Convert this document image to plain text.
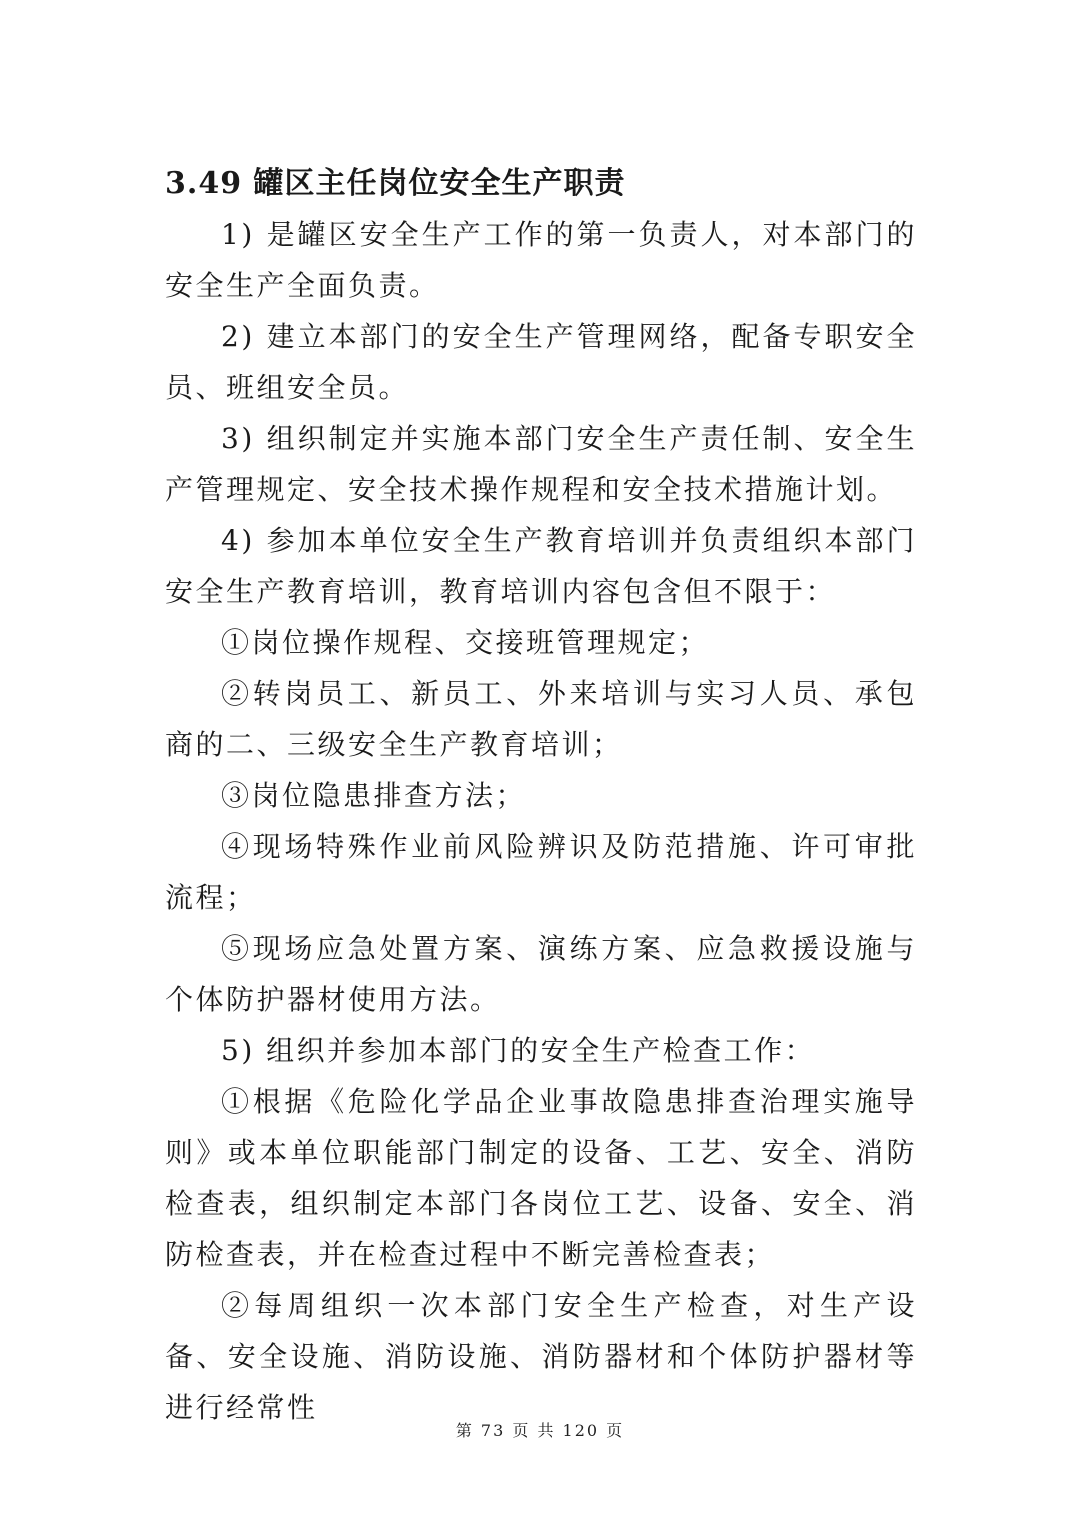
3.49 罐区主任岗位安全生产职责

1) 是罐区安全生产工作的第一负责人，对本部门的安全生产全面负责。

2) 建立本部门的安全生产管理网络，配备专职安全员、班组安全员。

3) 组织制定并实施本部门安全生产责任制、安全生产管理规定、安全技术操作规程和安全技术措施计划。

4) 参加本单位安全生产教育培训并负责组织本部门安全生产教育培训，教育培训内容包含但不限于：

①岗位操作规程、交接班管理规定；

②转岗员工、新员工、外来培训与实习人员、承包商的二、三级安全生产教育培训；

③岗位隐患排查方法；

④现场特殊作业前风险辨识及防范措施、许可审批流程；

⑤现场应急处置方案、演练方案、应急救援设施与个体防护器材使用方法。

5) 组织并参加本部门的安全生产检查工作：

①根据《危险化学品企业事故隐患排查治理实施导则》或本单位职能部门制定的设备、工艺、安全、消防检查表，组织制定本部门各岗位工艺、设备、安全、消防检查表，并在检查过程中不断完善检查表；

②每周组织一次本部门安全生产检查，对生产设备、安全设施、消防设施、消防器材和个体防护器材等进行经常性

第 73 页 共 120 页
